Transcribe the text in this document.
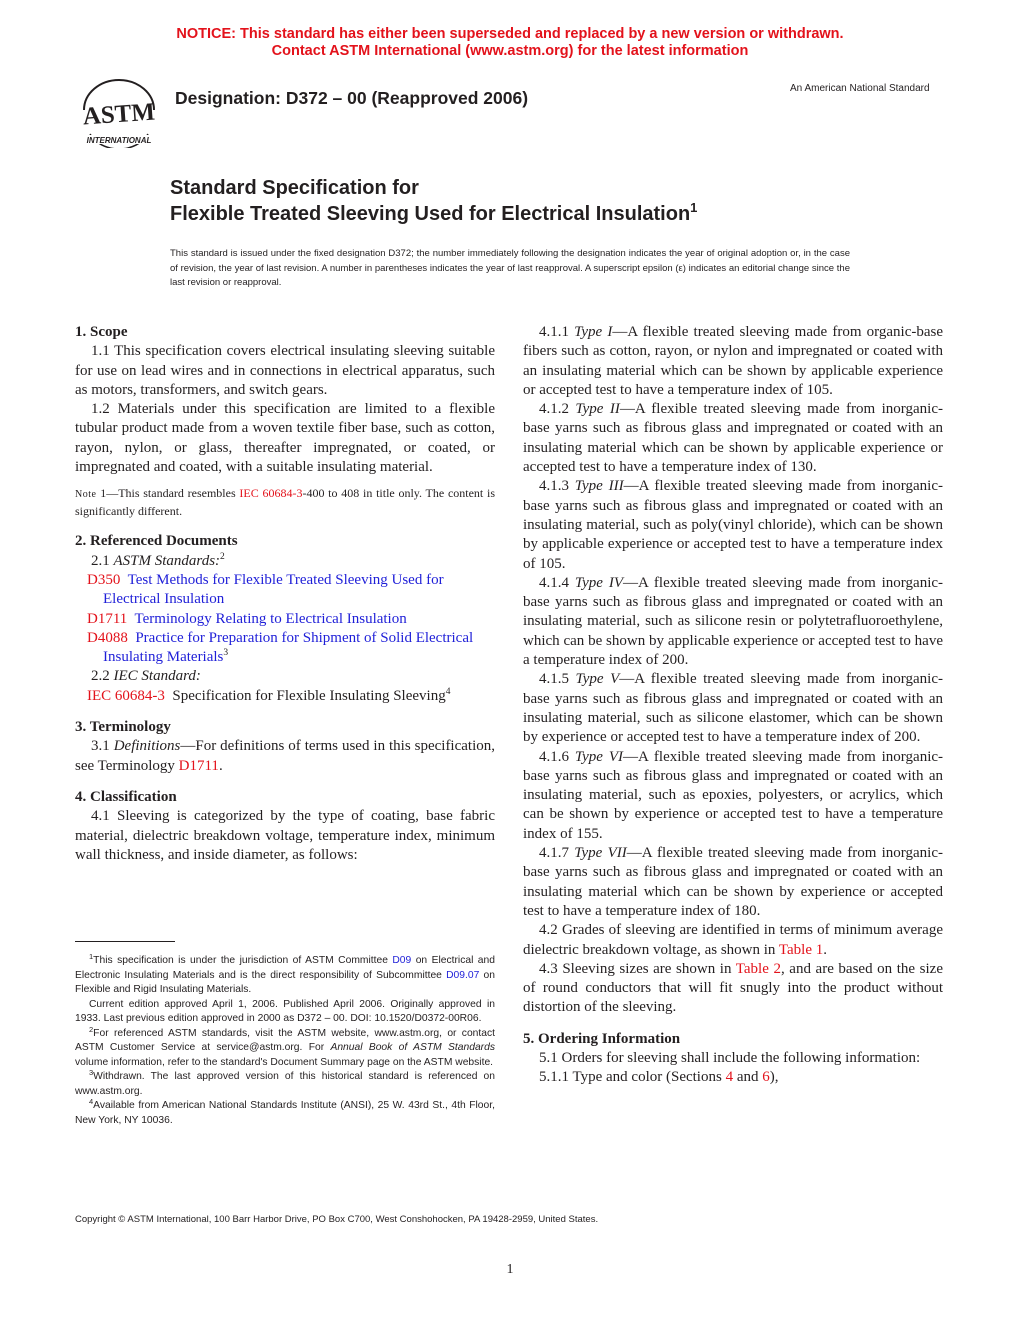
NOTICE: This standard has either been superseded and replaced by a new version or withdrawn.
Contact ASTM International (www.astm.org) for the latest information
ASTM
INTERNATIONAL
Designation: D372 – 00 (Reapproved 2006)	An American National Standard
Standard Specification for
Flexible Treated Sleeving Used for Electrical Insulation$^1$
This standard is issued under the fixed designation D372; the number immediately following the designation indicates the year of original adoption or, in the case of revision, the year of last revision. A number in parentheses indicates the year of last reapproval. A superscript epsilon (ε) indicates an editorial change since the last revision or reapproval.

1. Scope

1.1 This specification covers electrical insulating sleeving suitable for use on lead wires and in connections in electrical apparatus, such as motors, transformers, and switch gears.

1.2 Materials under this specification are limited to a flexible tubular product made from a woven textile fiber base, such as cotton, rayon, nylon, or glass, thereafter impregnated, or coated, or impregnated and coated, with a suitable insulating material.

Note 1—This standard resembles IEC 60684-3-400 to 408 in title only. The content is significantly different.

2. Referenced Documents

2.1 ASTM Standards:$^2$

D350 Test Methods for Flexible Treated Sleeving Used for Electrical Insulation

D1711 Terminology Relating to Electrical Insulation

D4088 Practice for Preparation for Shipment of Solid Electrical Insulating Materials$^3$

2.2 IEC Standard:

IEC 60684-3 Specification for Flexible Insulating Sleeving$^4$

3. Terminology

3.1 Definitions—For definitions of terms used in this specification, see Terminology D1711.

4. Classification

4.1 Sleeving is categorized by the type of coating, base fabric material, dielectric breakdown voltage, temperature index, minimum wall thickness, and inside diameter, as follows:

$^1$This specification is under the jurisdiction of ASTM Committee D09 on Electrical and Electronic Insulating Materials and is the direct responsibility of Subcommittee D09.07 on Flexible and Rigid Insulating Materials.

Current edition approved April 1, 2006. Published April 2006. Originally approved in 1933. Last previous edition approved in 2000 as D372 – 00. DOI: 10.1520/D0372-00R06.

$^2$For referenced ASTM standards, visit the ASTM website, www.astm.org, or contact ASTM Customer Service at service@astm.org. For Annual Book of ASTM Standards volume information, refer to the standard's Document Summary page on the ASTM website.

$^3$Withdrawn. The last approved version of this historical standard is referenced on www.astm.org.

$^4$Available from American National Standards Institute (ANSI), 25 W. 43rd St., 4th Floor, New York, NY 10036.

4.1.1 Type I—A flexible treated sleeving made from organic-base fibers such as cotton, rayon, or nylon and impregnated or coated with an insulating material which can be shown by applicable experience or accepted test to have a temperature index of 105.

4.1.2 Type II—A flexible treated sleeving made from inorganic-base yarns such as fibrous glass and impregnated or coated with an insulating material which can be shown by applicable experience or accepted test to have a temperature index of 130.

4.1.3 Type III—A flexible treated sleeving made from inorganic-base yarns such as fibrous glass and impregnated or coated with an insulating material, such as poly(vinyl chloride), which can be shown by applicable experience or accepted test to have a temperature index of 105.

4.1.4 Type IV—A flexible treated sleeving made from inorganic-base yarns such as fibrous glass and impregnated or coated with an insulating material, such as silicone resin or polytetrafluoroethylene, which can be shown by applicable experience or accepted test to have a temperature index of 200.

4.1.5 Type V—A flexible treated sleeving made from inorganic-base yarns such as fibrous glass and impregnated or coated with an insulating material, such as silicone elastomer, which can be shown by experience or accepted test to have a temperature index of 200.

4.1.6 Type VI—A flexible treated sleeving made from inorganic-base yarns such as fibrous glass and impregnated or coated with an insulating material, such as epoxies, polyesters, or acrylics, which can be shown by experience or accepted test to have a temperature index of 155.

4.1.7 Type VII—A flexible treated sleeving made from inorganic-base yarns such as fibrous glass and impregnated or coated with an insulating material which can be shown by experience or accepted test to have a temperature index of 180.

4.2 Grades of sleeving are identified in terms of minimum average dielectric breakdown voltage, as shown in Table 1.

4.3 Sleeving sizes are shown in Table 2, and are based on the size of round conductors that will fit snugly into the product without distortion of the sleeving.

5. Ordering Information

5.1 Orders for sleeving shall include the following information:

5.1.1 Type and color (Sections 4 and 6),

Copyright © ASTM International, 100 Barr Harbor Drive, PO Box C700, West Conshohocken, PA 19428-2959, United States.
1
